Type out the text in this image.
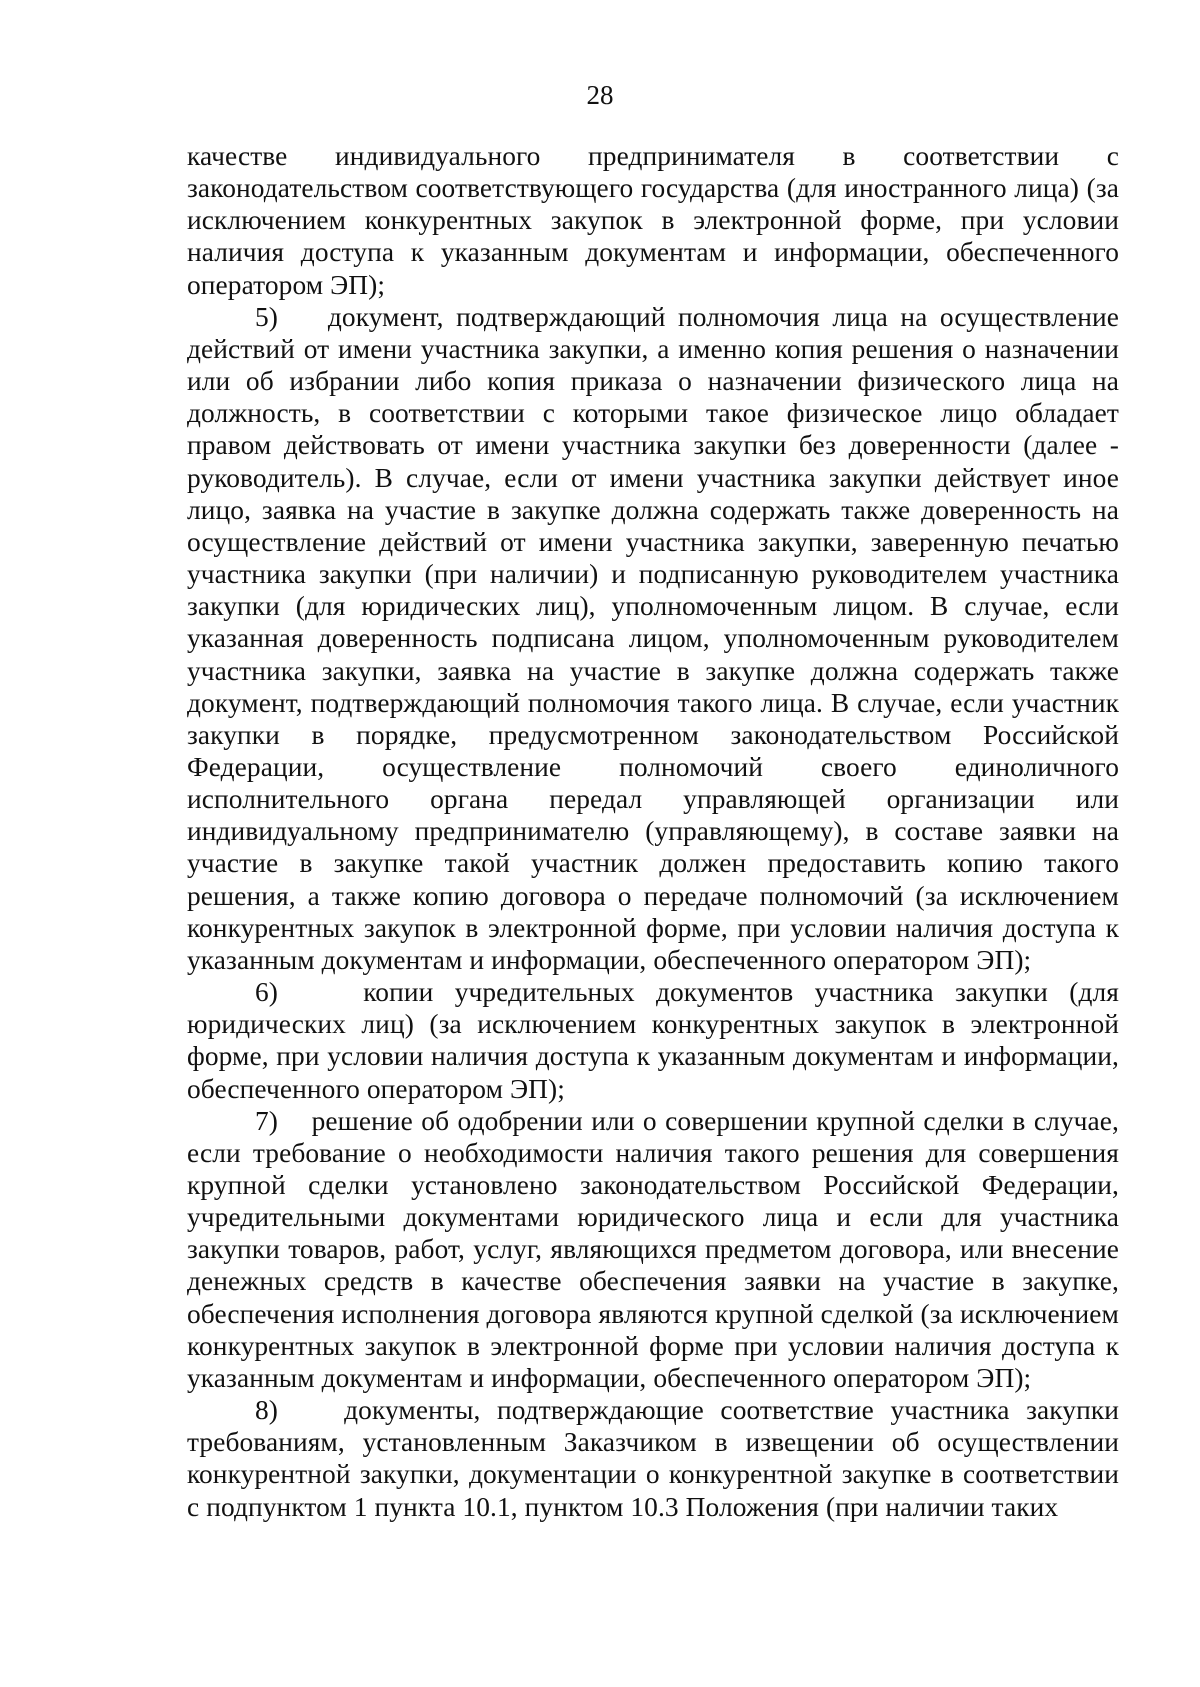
28

качестве индивидуального предпринимателя в соответствии с законодательством соответствующего государства (для иностранного лица) (за исключением конкурентных закупок в электронной форме, при условии наличия доступа к указанным документам и информации, обеспеченного оператором ЭП);

5) документ, подтверждающий полномочия лица на осуществление действий от имени участника закупки, а именно копия решения о назначении или об избрании либо копия приказа о назначении физического лица на должность, в соответствии с которыми такое физическое лицо обладает правом действовать от имени участника закупки без доверенности (далее - руководитель). В случае, если от имени участника закупки действует иное лицо, заявка на участие в закупке должна содержать также доверенность на осуществление действий от имени участника закупки, заверенную печатью участника закупки (при наличии) и подписанную руководителем участника закупки (для юридических лиц), уполномоченным лицом. В случае, если указанная доверенность подписана лицом, уполномоченным руководителем участника закупки, заявка на участие в закупке должна содержать также документ, подтверждающий полномочия такого лица. В случае, если участник закупки в порядке, предусмотренном законодательством Российской Федерации, осуществление полномочий своего единоличного исполнительного органа передал управляющей организации или индивидуальному предпринимателю (управляющему), в составе заявки на участие в закупке такой участник должен предоставить копию такого решения, а также копию договора о передаче полномочий (за исключением конкурентных закупок в электронной форме, при условии наличия доступа к указанным документам и информации, обеспеченного оператором ЭП);

6)	копии учредительных документов участника закупки (для юридических лиц) (за исключением конкурентных закупок в электронной форме, при условии наличия доступа к указанным документам и информации, обеспеченного оператором ЭП);

7) решение об одобрении или о совершении крупной сделки в случае, если требование о необходимости наличия такого решения для совершения крупной сделки установлено законодательством Российской Федерации, учредительными документами юридического лица и если для участника закупки товаров, работ, услуг, являющихся предметом договора, или внесение денежных средств в качестве обеспечения заявки на участие в закупке, обеспечения исполнения договора являются крупной сделкой (за исключением конкурентных закупок в электронной форме при условии наличия доступа к указанным документам и информации, обеспеченного оператором ЭП);

8) документы, подтверждающие соответствие участника закупки требованиям, установленным Заказчиком в извещении об осуществлении конкурентной закупки, документации о конкурентной закупке в соответствии с подпунктом 1 пункта 10.1, пунктом 10.3 Положения (при наличии таких
